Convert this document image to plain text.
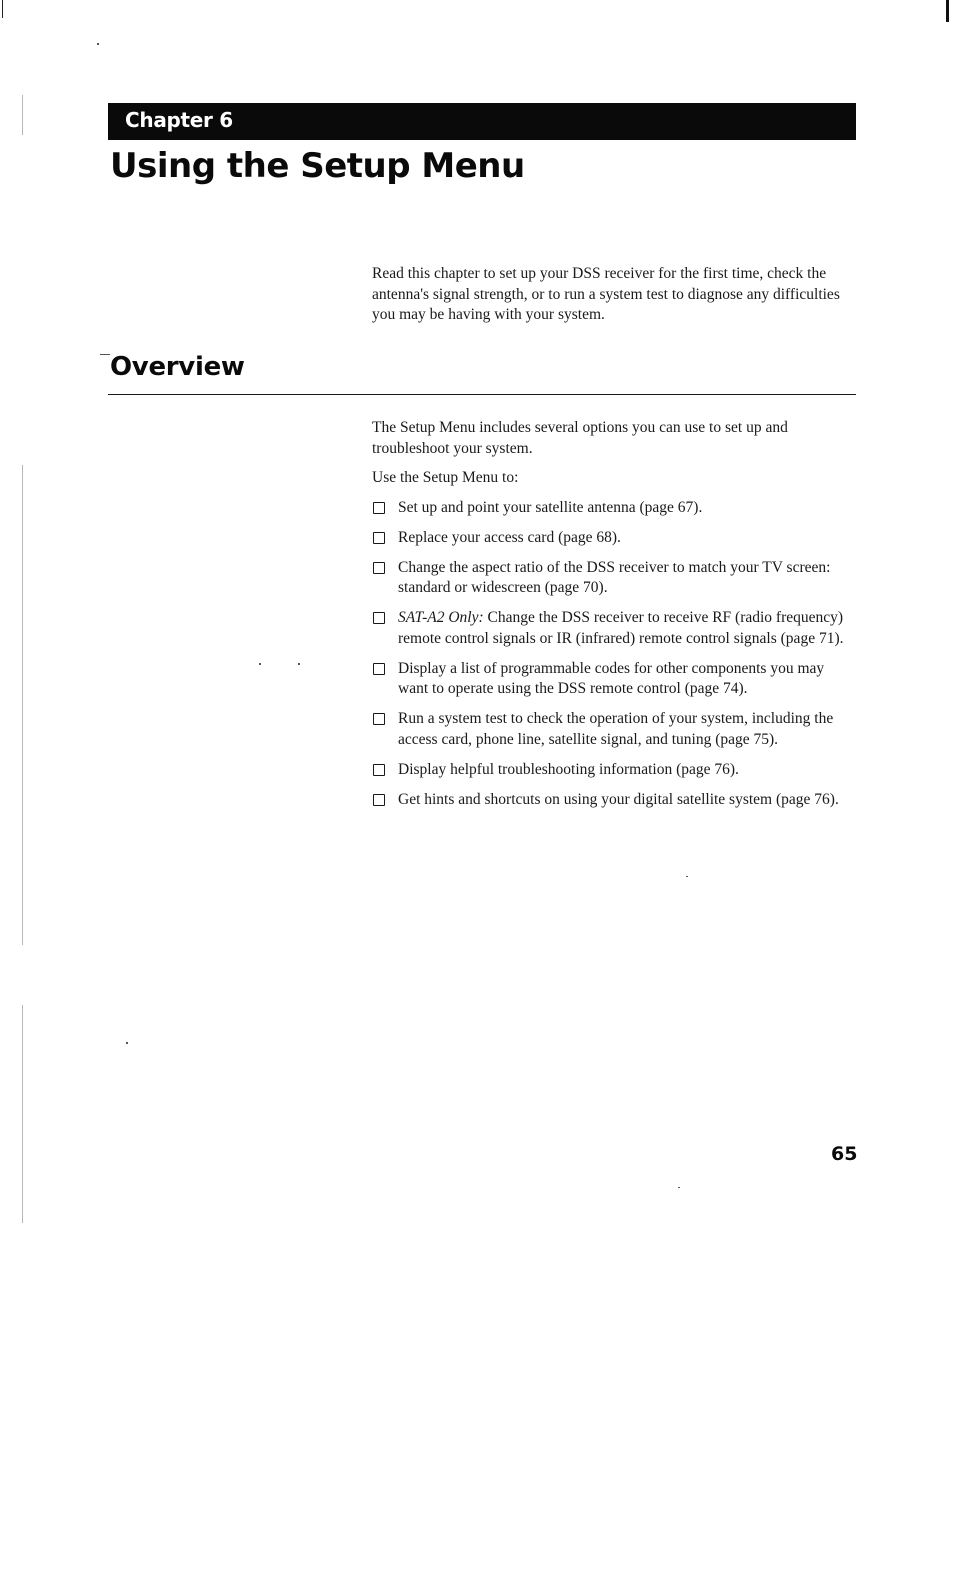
Chapter 6
Using the Setup Menu

Read this chapter to set up your DSS receiver for the first time, check the antenna's signal strength, or to run a system test to diagnose any difficulties you may be having with your system.

Overview

The Setup Menu includes several options you can use to set up and troubleshoot your system.

Use the Setup Menu to:

Set up and point your satellite antenna (page 67).
Replace your access card (page 68).
Change the aspect ratio of the DSS receiver to match your TV screen: standard or widescreen (page 70).
SAT-A2 Only: Change the DSS receiver to receive RF (radio frequency) remote control signals or IR (infrared) remote control signals (page 71).
Display a list of programmable codes for other components you may want to operate using the DSS remote control (page 74).
Run a system test to check the operation of your system, including the access card, phone line, satellite signal, and tuning (page 75).
Display helpful troubleshooting information (page 76).
Get hints and shortcuts on using your digital satellite system (page 76).
65
